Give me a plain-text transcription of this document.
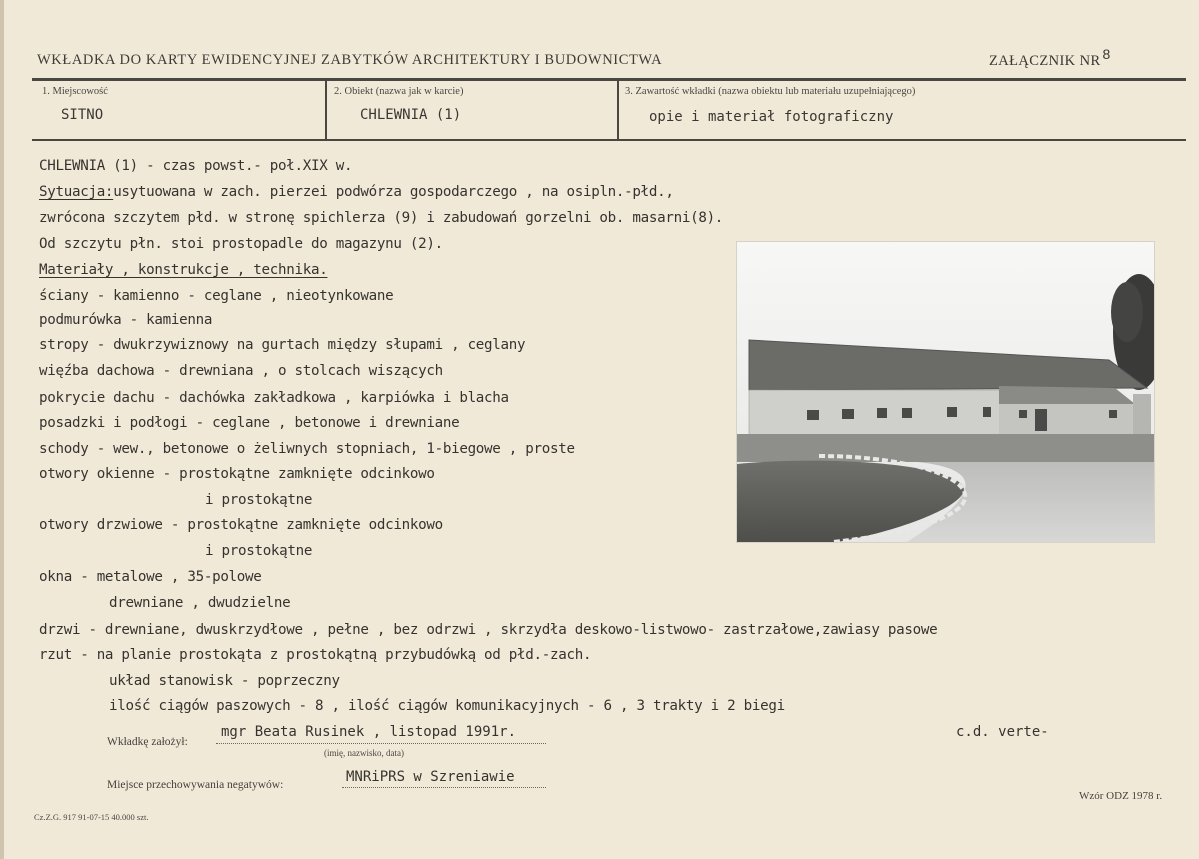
WKŁADKA DO KARTY EWIDENCYJNEJ ZABYTKÓW ARCHITEKTURY I BUDOWNICTWA	ZAŁĄCZNIK NR 8
1. Miejscowość
SITNO
2. Obiekt (nazwa jak w karcie)
CHLEWNIA (1)
3. Zawartość wkładki (nazwa obiektu lub materiału uzupełniającego)
opie i materiał fotograficzny
CHLEWNIA (1) - czas powst.- poł.XIX w.
Sytuacja:usytuowana w zach. pierzei podwórza gospodarczego , na osipln.-płd.,
zwrócona szczytem płd. w stronę spichlerza (9) i zabudowań gorzelni ob. masarni(8).
Od szczytu płn. stoi prostopadle do magazynu (2).
Materiały , konstrukcje , technika.
ściany - kamienno - ceglane , nieotynkowane
podmurówka - kamienna
stropy - dwukrzywiznowy na gurtach między słupami , ceglany
więźba dachowa - drewniana , o stolcach wiszących
pokrycie dachu - dachówka zakładkowa , karpiówka i blacha
posadzki i podłogi - ceglane , betonowe i drewniane
schody - wew., betonowe o żeliwnych stopniach, 1-biegowe , proste
otwory okienne - prostokątne zamknięte odcinkowo
i prostokątne
otwory drzwiowe - prostokątne zamknięte odcinkowo
i prostokątne
okna - metalowe , 35-polowe
drewniane , dwudzielne
drzwi - drewniane, dwuskrzydłowe , pełne , bez odrzwi , skrzydła deskowo-listwowo- zastrzałowe,zawiasy pasowe
rzut - na planie prostokąta z prostokątną przybudówką od płd.-zach.
układ stanowisk - poprzeczny
ilość ciągów paszowych - 8 , ilość ciągów komunikacyjnych - 6 , 3 trakty i 2 biegi
Wkładkę założył:
mgr Beata Rusinek , listopad 1991r.
(imię, nazwisko, data)
c.d. verte-
Miejsce przechowywania negatywów:	MNRiPRS w Szreniawie
Wzór ODZ 1978 r.
Cz.Z.G. 917 91-07-15 40.000 szt.
